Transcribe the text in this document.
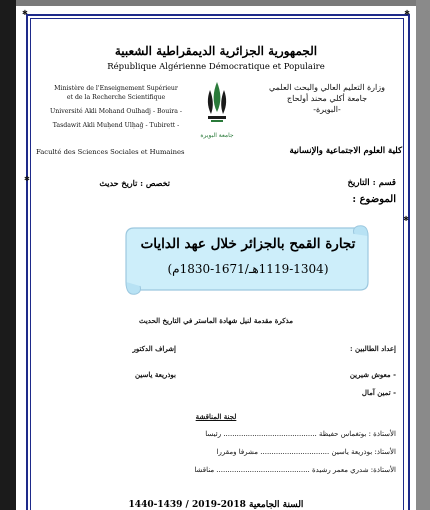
✱	✱
✱
✱
الجمهورية الجزائرية الديمقراطية الشعبية
République Algérienne Démocratique et Populaire
Ministère de l'Enseignement Supérieur
et de la Recherche Scientifique
Université Akli Mohand Oulhadj - Bouira -
Tasdawit Akli Muḥend Ulḥağ - Tubirett -
Faculté des Sciences Sociales et Humaines
جامعة البويرة
وزارة التعليم العالي والبحث العلمي
جامعة أكلي محند أولحاج
-البويرة-
كلية العلوم الاجتماعية والإنسانية
قسم : التاريخ
تخصص : تاريخ حديث
الموضوع :
تجارة القمح بالجزائر خلال عهد الدايات
(1119-1304هـ/1671-1830م)
مذكرة مقدمة لنيل شهادة الماستر في التاريخ الحديث
إعداد الطالبين :
إشراف الدكتور
- معوش شيرين
بوذريعة ياسين
- تمين آمال
لجنة المناقشة
الأستاذة : بوتغماس حفيظة .......................................... رئيسا
الأستاذ: بوذريعة ياسين ............................... مشرفا ومقررا
الأستاذة: شدري معمر رشيدة .......................................... مناقشا
السنة الجامعية 2018-2019 / 1439-1440
